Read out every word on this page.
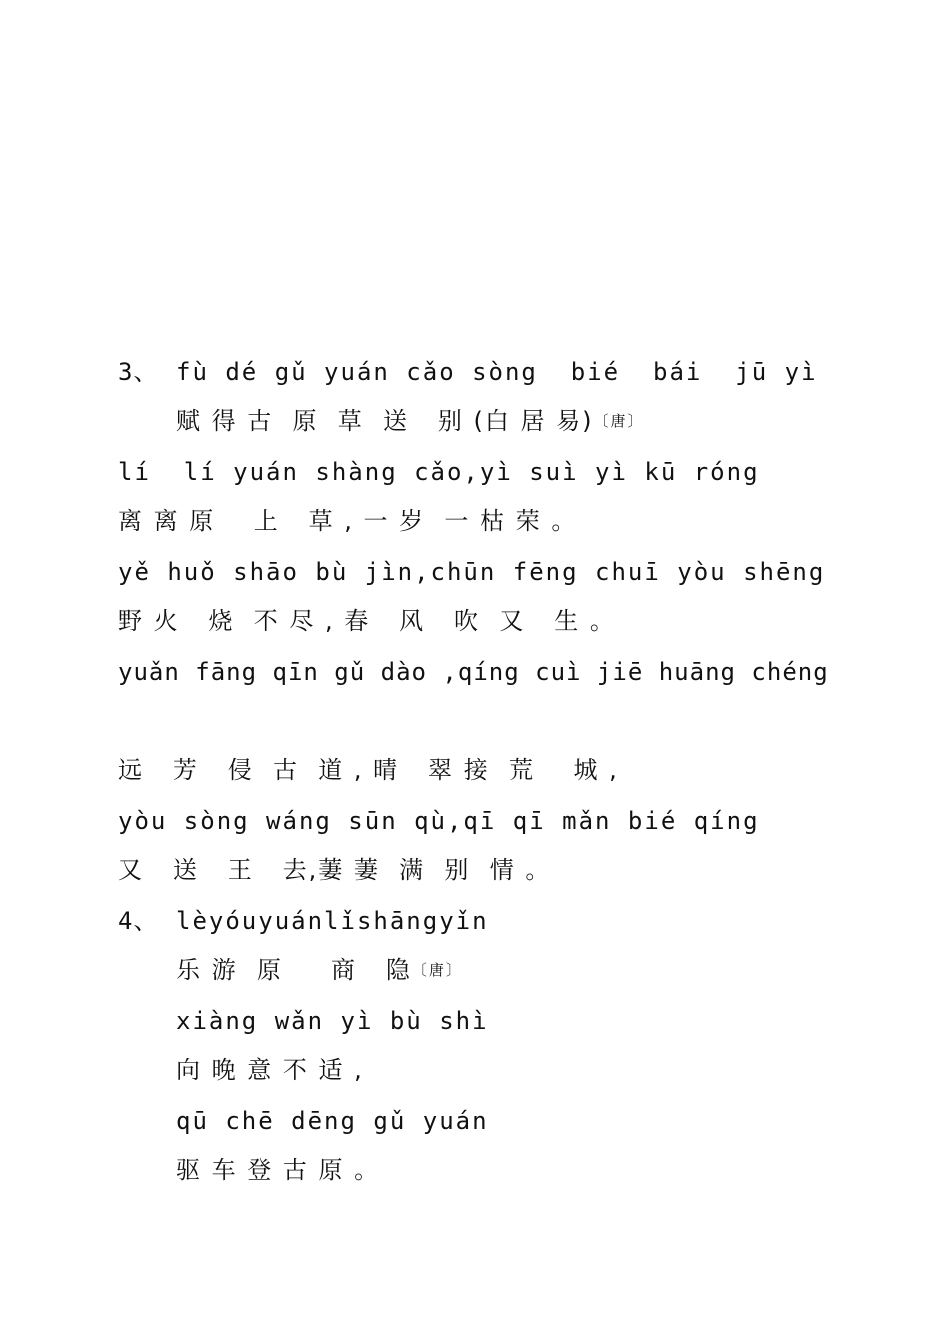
3、 fù dé gǔ yuán cǎo sòng  bié  bái  jū yì
赋 得 古  原  草  送   别 (白 居 易)〔唐〕
lí  lí yuán shàng cǎo,yì suì yì kū róng
离 离 原    上   草 , 一 岁  一 枯 荣 。
yě huǒ shāo bù jìn,chūn fēng chuī yòu shēng
野 火   烧  不 尽 , 春   风   吹  又   生 。
yuǎn fāng qīn gǔ dào ,qíng cuì jiē huāng chéng
远   芳   侵  古  道 , 晴   翠 接  荒    城 ,
yòu sòng wáng sūn qù,qī qī mǎn bié qíng
又   送   王   去,萋 萋  满  别  情 。
4、 lèyóuyuánlǐshāngyǐn
乐 游  原     商   隐〔唐〕
xiàng wǎn yì bù shì
向 晚 意 不 适 ,
qū chē dēng gǔ yuán
驱 车 登 古 原 。
